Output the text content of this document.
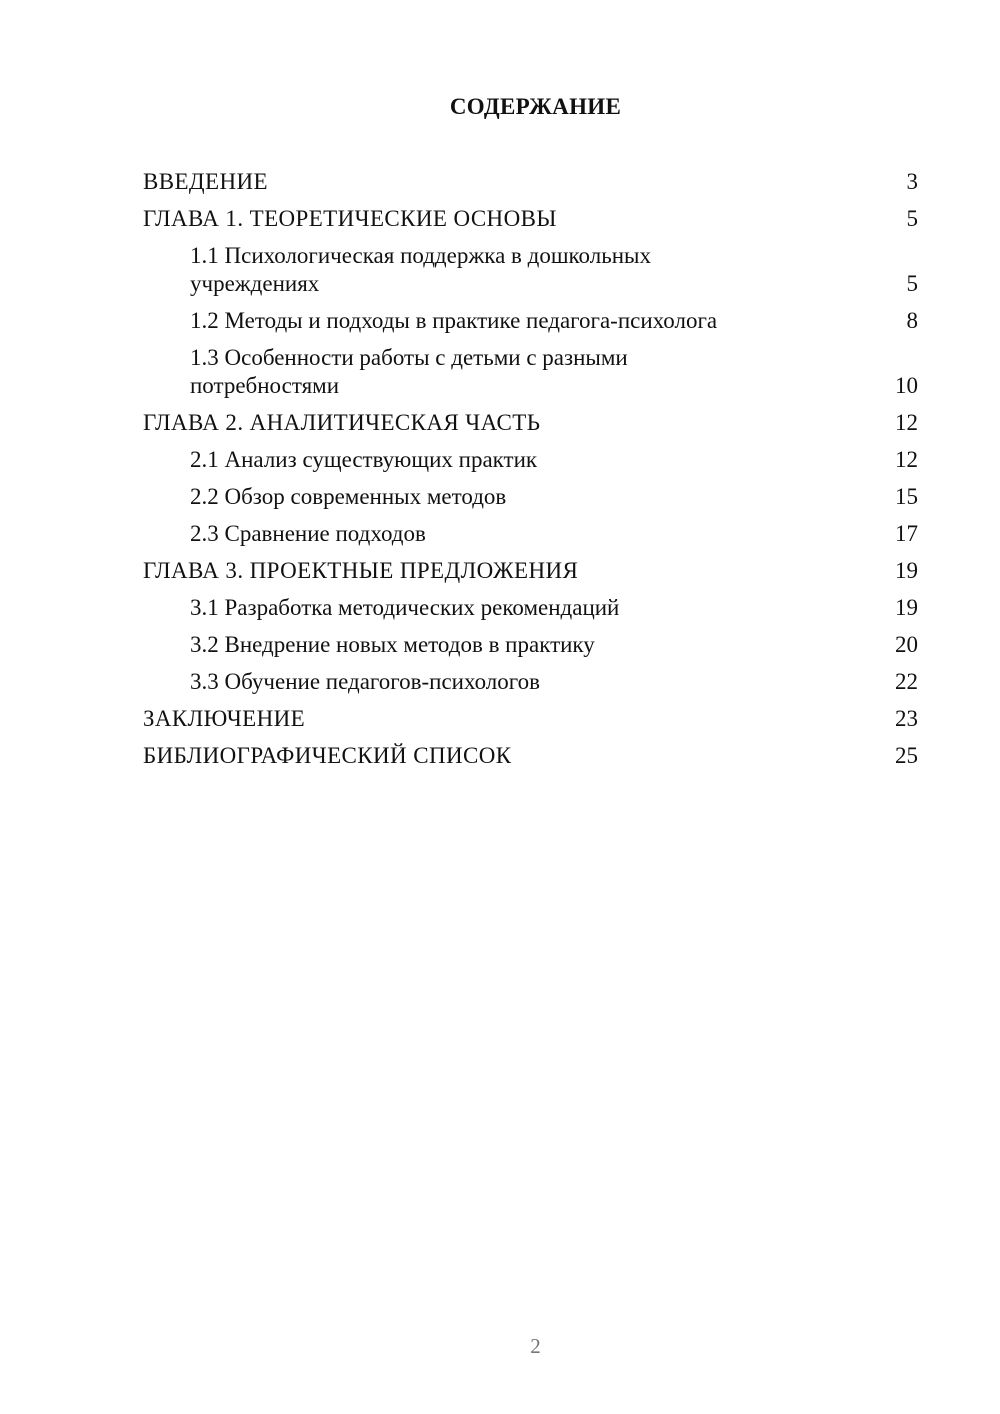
СОДЕРЖАНИЕ
ВВЕДЕНИЕ	3
ГЛАВА 1. ТЕОРЕТИЧЕСКИЕ ОСНОВЫ	5
1.1 Психологическая поддержка в дошкольных учреждениях	5
1.2 Методы и подходы в практике педагога-психолога	8
1.3 Особенности работы с детьми с разными потребностями	10
ГЛАВА 2. АНАЛИТИЧЕСКАЯ ЧАСТЬ	12
2.1 Анализ существующих практик	12
2.2 Обзор современных методов	15
2.3 Сравнение подходов	17
ГЛАВА 3. ПРОЕКТНЫЕ ПРЕДЛОЖЕНИЯ	19
3.1 Разработка методических рекомендаций	19
3.2 Внедрение новых методов в практику	20
3.3 Обучение педагогов-психологов	22
ЗАКЛЮЧЕНИЕ	23
БИБЛИОГРАФИЧЕСКИЙ СПИСОК	25
2
